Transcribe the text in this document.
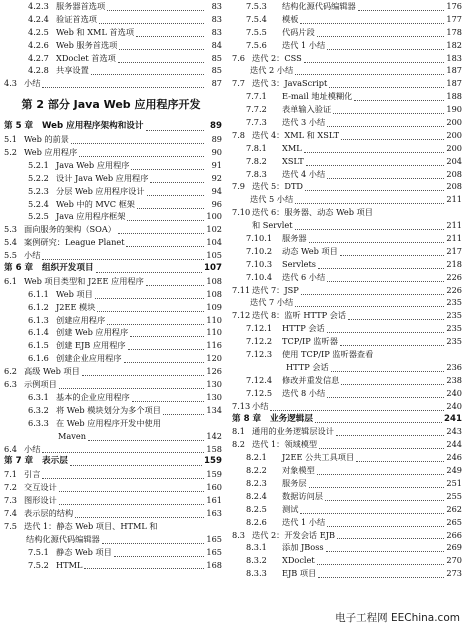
4.2.3 服务器首选项	83
4.2.4 验证首选项	83
4.2.5 Web 和 XML 首选项	83
4.2.6 Web 服务首选项	84
4.2.7 XDoclet 首选项	85
4.2.8 共享设置	85
4.3 小结	87
第 2 部分 Java Web 应用程序开发
第 5 章	Web 应用程序架构和设计	89
5.1 Web 的前景	89
5.2 Web 应用程序	90
5.2.1 Java Web 应用程序	91
5.2.2 设计 Java Web 应用程序	92
5.2.3 分层 Web 应用程序设计	94
5.2.4 Web 中的 MVC 框架	96
5.2.5 Java 应用程序框架	100
5.3 面向服务的架构（SOA）	102
5.4 案例研究：League Planet	104
5.5 小结	105
第 6 章	组织开发项目	107
6.1 Web 项目类型和 J2EE 应用程序	108
6.1.1 Web 项目	108
6.1.2 J2EE 模块	109
6.1.3 创建应用程序	110
6.1.4 创建 Web 应用程序	110
6.1.5 创建 EJB 应用程序	116
6.1.6 创建企业应用程序	120
6.2 高级 Web 项目	126
6.3 示例项目	130
6.3.1 基本的企业应用程序	130
6.3.2 将 Web 模块划分为多个项目	134
6.3.3 在 Web 应用程序开发中使用
Maven	142
6.4 小结	158
第 7 章	表示层	159
7.1 引言	159
7.2 交互设计	160
7.3 图形设计	161
7.4 表示层的结构	163
7.5 迭代 1：静态 Web 项目、HTML 和
结构化源代码编辑器	165
7.5.1 静态 Web 项目	165
7.5.2 HTML	168
7.5.3	结构化源代码编辑器	176
7.5.4	模板	177
7.5.5	代码片段	178
7.5.6	迭代 1 小结	182
7.6 迭代 2：CSS	183
迭代 2 小结	187
7.7 迭代 3：JavaScript	187
7.7.1	E-mail 地址模糊化	188
7.7.2	表单输入验证	190
7.7.3	迭代 3 小结	200
7.8 迭代 4：XML 和 XSLT	200
7.8.1	XML	200
7.8.2	XSLT	204
7.8.3	迭代 4 小结	208
7.9 迭代 5：DTD	208
迭代 5 小结	211
7.10 迭代 6：服务器、动态 Web 项目
和 Servlet	211
7.10.1	服务器	211
7.10.2	动态 Web 项目	217
7.10.3	Servlets	218
7.10.4	迭代 6 小结	226
7.11 迭代 7：JSP	226
迭代 7 小结	235
7.12 迭代 8：监听 HTTP 会话	235
7.12.1	HTTP 会话	235
7.12.2	TCP/IP 监听器	235
7.12.3	使用 TCP/IP 监听器查看
HTTP 会话	236
7.12.4	修改并重发信息	238
7.12.5	迭代 8 小结	240
7.13 小结	240
第 8 章	业务逻辑层	241
8.1 通用的业务逻辑层设计	243
8.2 迭代 1：领域模型	244
8.2.1	J2EE 公共工具项目	246
8.2.2	对象模型	249
8.2.3	服务层	251
8.2.4	数据访问层	255
8.2.5	测试	262
8.2.6	迭代 1 小结	265
8.3 迭代 2：开发会话 EJB	266
8.3.1	添加 JBoss	269
8.3.2	XDoclet	270
8.3.3	EJB 项目	273
电子工程网 EEChina.com
